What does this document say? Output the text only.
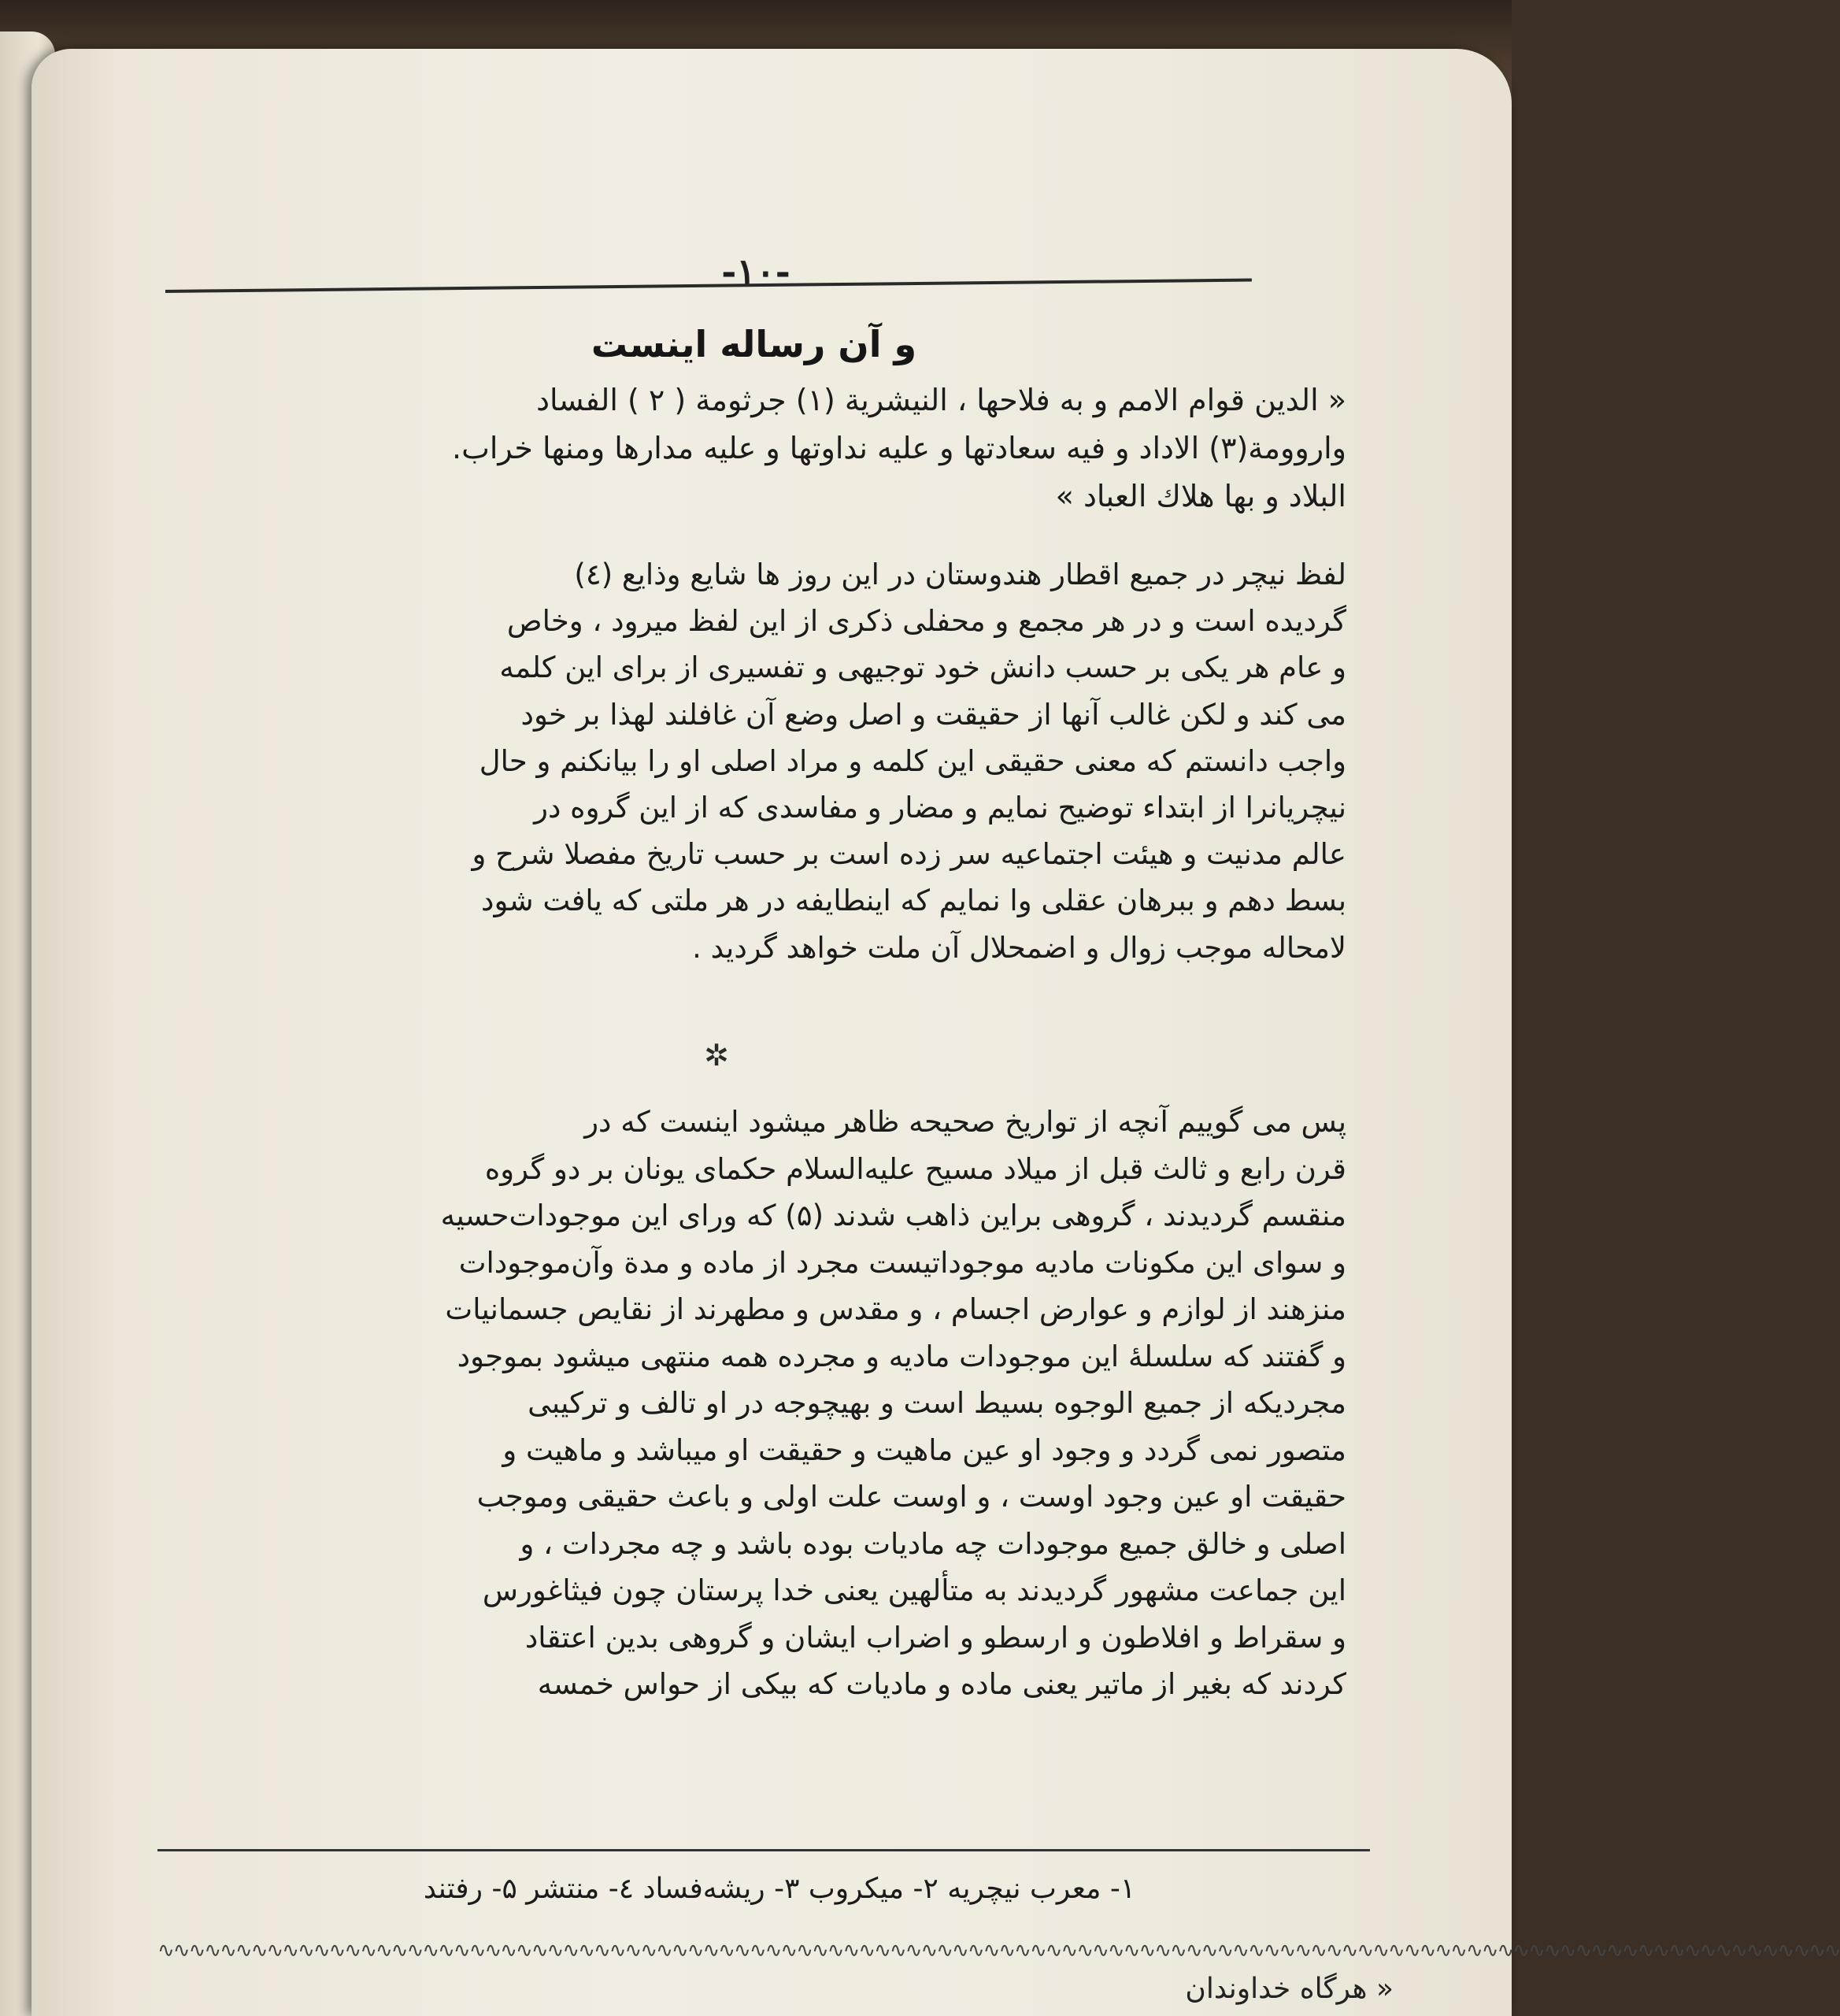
-۱۰-
و آن رساله اینست
« الدین قوام الامم و به فلاحها ، النیشریة (۱) جرثومة ( ۲ ) الفساد
واروومة(۳) الاداد و فیه سعادتها و علیه نداوتها و علیه مدارها ومنها خراب.
البلاد و بها هلاك العباد »
لفظ نیچر در جمیع اقطار هندوستان در این روز ها شایع وذایع (٤)
گردیده است و در هر مجمع و محفلی ذکری از این لفظ میرود ، وخاص
و عام هر یکی بر حسب دانش خود توجیهی و تفسیری از برای این کلمه
می کند و لکن غالب آنها از حقیقت و اصل وضع آن غافلند لهذا بر خود
واجب دانستم که معنی حقیقی این کلمه و مراد اصلی او را بیانکنم و حال
نیچریانرا از ابتداء توضیح نمایم و مضار و مفاسدی که از این گروه در
عالم مدنیت و هیئت اجتماعیه سر زده است بر حسب تاریخ مفصلا شرح و
بسط دهم و ببرهان عقلی وا نمایم که اینطایفه در هر ملتی که یافت شود
لامحاله موجب زوال و اضمحلال آن ملت خواهد گردید .
✲
پس می گوییم آنچه از تواریخ صحیحه ظاهر میشود اینست که در
قرن رابع و ثالث قبل از میلاد مسیح علیه‌السلام حکمای یونان بر دو گروه
منقسم گردیدند ، گروهی براین ذاهب شدند (۵) که ورای این موجودات‌حسیه
و سوای این مکونات مادیه موجوداتیست مجرد از ماده و مدة وآن‌موجودات
منزهند از لوازم و عوارض اجسام ، و مقدس و مطهرند از نقایص جسمانیات
و گفتند که سلسلهٔ این موجودات مادیه و مجرده همه منتهی میشود بموجود
مجردیکه از جمیع الوجوه بسیط است و بهیچوجه در او تالف و ترکیبی
متصور نمی گردد و وجود او عین ماهیت و حقیقت او میباشد و ماهیت و
حقیقت او عین وجود اوست ، و اوست علت اولی و باعث حقیقی وموجب
اصلی و خالق جمیع موجودات چه مادیات بوده باشد و چه مجردات ، و
این جماعت مشهور گردیدند به متألهین یعنی خدا پرستان چون فیثاغورس
و سقراط و افلاطون و ارسطو و اضراب ایشان و گروهی بدین اعتقاد
کردند که بغیر از ماتیر یعنی ماده و مادیات که بیکی از حواس خمسه
۱- معرب نیچریه ۲- میکروب ۳- ریشه‌فساد ٤- منتشر ۵- رفتند
∿∿∿∿∿∿∿∿∿∿∿∿∿∿∿∿∿∿∿∿∿∿∿∿∿∿∿∿∿∿∿∿∿∿∿∿∿∿∿∿∿∿∿∿∿∿∿∿∿∿∿∿∿∿∿∿∿∿∿∿∿∿∿∿∿∿∿∿∿∿∿∿∿∿∿∿∿∿∿∿∿∿∿∿∿∿∿∿∿∿∿∿∿∿∿∿∿∿∿∿∿∿∿∿∿∿∿∿
« هرگاه خداوندان
